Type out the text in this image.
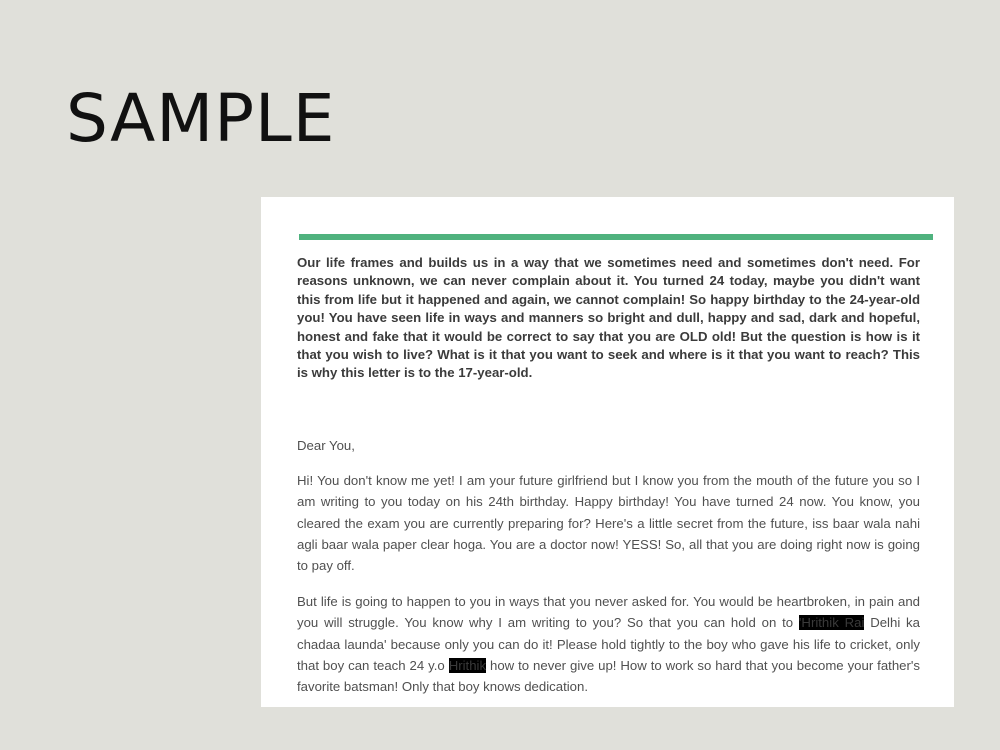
SAMPLE

Our life frames and builds us in a way that we sometimes need and sometimes don't need. For reasons unknown, we can never complain about it. You turned 24 today, maybe you didn't want this from life but it happened and again, we cannot complain! So happy birthday to the 24-year-old you! You have seen life in ways and manners so bright and dull, happy and sad, dark and hopeful, honest and fake that it would be correct to say that you are OLD old! But the question is how is it that you wish to live? What is it that you want to seek and where is it that you want to reach? This is why this letter is to the 17-year-old.

Dear You,

Hi! You don't know me yet! I am your future girlfriend but I know you from the mouth of the future you so I am writing to you today on his 24th birthday. Happy birthday! You have turned 24 now. You know, you cleared the exam you are currently preparing for? Here's a little secret from the future, iss baar wala nahi agli baar wala paper clear hoga. You are a doctor now! YESS! So, all that you are doing right now is going to pay off.

But life is going to happen to you in ways that you never asked for. You would be heartbroken, in pain and you will struggle. You know why I am writing to you? So that you can hold on to 'Hrithik Rai Delhi ka chadaa launda' because only you can do it! Please hold tightly to the boy who gave his life to cricket, only that boy can teach 24 y.o Hrithik how to never give up! How to work so hard that you become your father's favorite batsman! Only that boy knows dedication.
